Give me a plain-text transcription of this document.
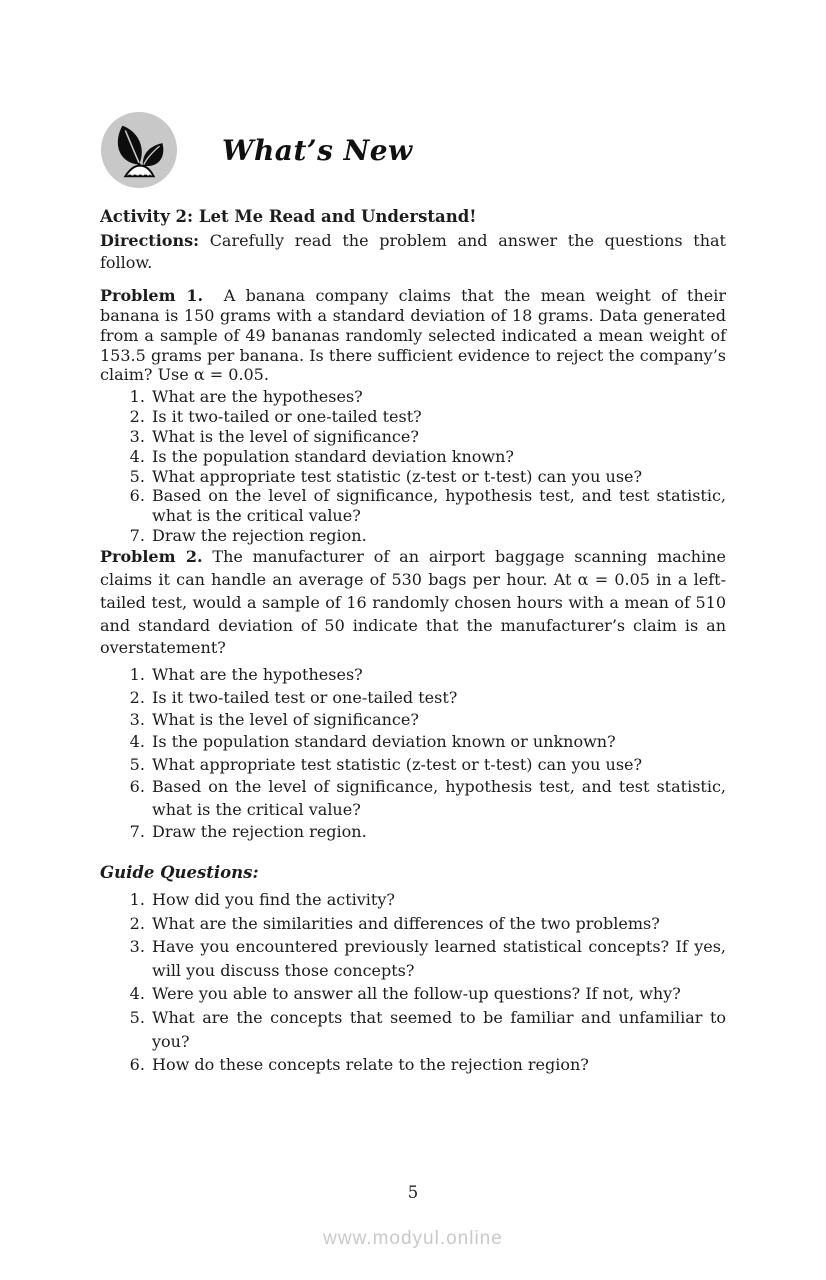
What’s New
Activity 2: Let Me Read and Understand!

Directions: Carefully read the problem and answer the questions that follow.

Problem 1. A banana company claims that the mean weight of their banana is 150 grams with a standard deviation of 18 grams. Data generated from a sample of 49 bananas randomly selected indicated a mean weight of 153.5 grams per banana. Is there sufficient evidence to reject the company’s claim? Use α = 0.05.

1. What are the hypotheses?
2. Is it two-tailed or one-tailed test?
3. What is the level of significance?
4. Is the population standard deviation known?
5. What appropriate test statistic (z-test or t-test) can you use?
6. Based on the level of significance, hypothesis test, and test statistic, what is the critical value?
7. Draw the rejection region.

Problem 2. The manufacturer of an airport baggage scanning machine claims it can handle an average of 530 bags per hour. At α = 0.05 in a left-tailed test, would a sample of 16 randomly chosen hours with a mean of 510 and standard deviation of 50 indicate that the manufacturer’s claim is an overstatement?

1. What are the hypotheses?
2. Is it two-tailed test or one-tailed test?
3. What is the level of significance?
4. Is the population standard deviation known or unknown?
5. What appropriate test statistic (z-test or t-test) can you use?
6. Based on the level of significance, hypothesis test, and test statistic, what is the critical value?
7. Draw the rejection region.
Guide Questions:
1. How did you find the activity?
2. What are the similarities and differences of the two problems?
3. Have you encountered previously learned statistical concepts? If yes, will you discuss those concepts?
4. Were you able to answer all the follow-up questions? If not, why?
5. What are the concepts that seemed to be familiar and unfamiliar to you?
6. How do these concepts relate to the rejection region?
5
www.modyul.online
